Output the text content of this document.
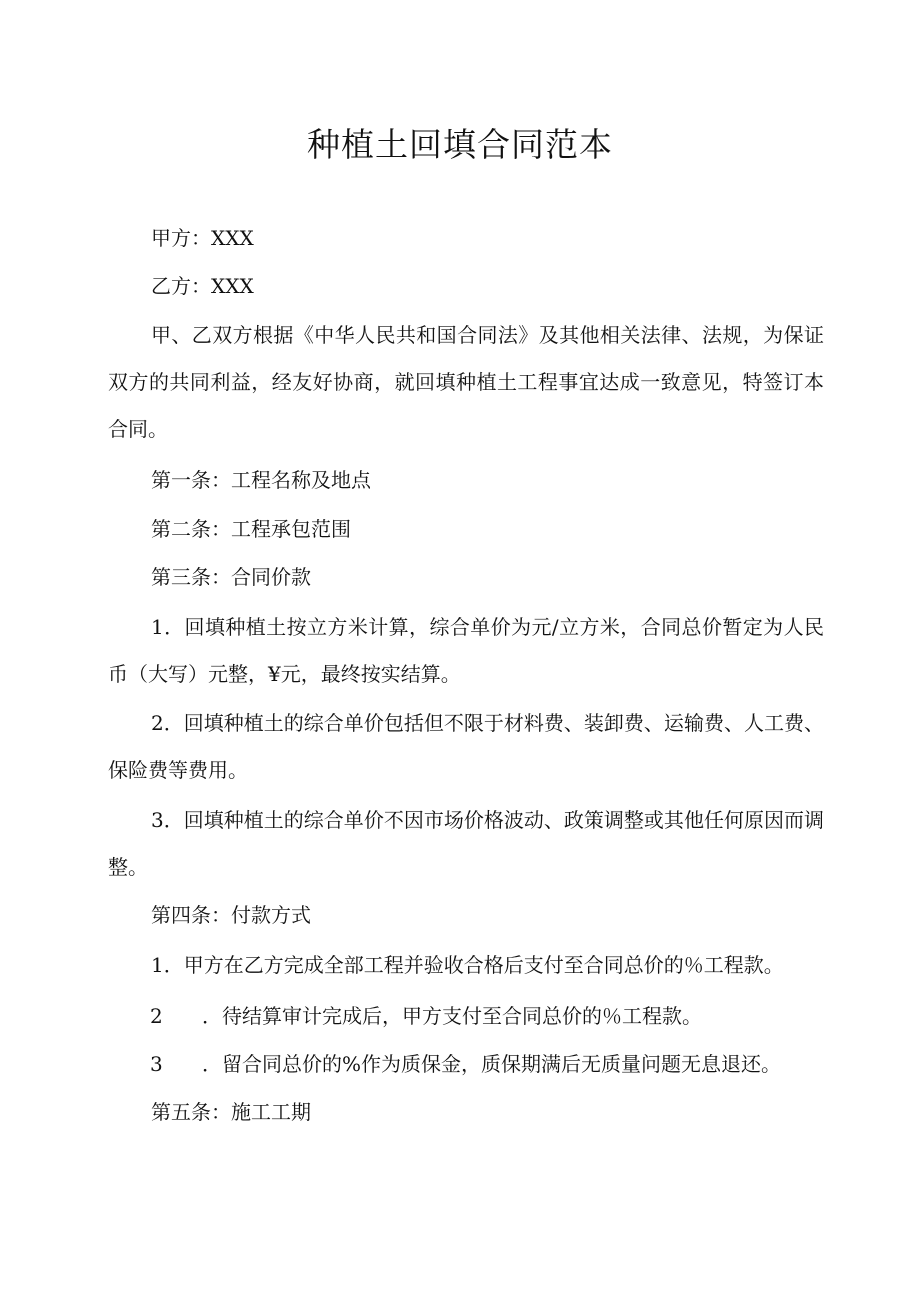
种植土回填合同范本

甲方：XXX

乙方：XXX

甲、乙双方根据《中华人民共和国合同法》及其他相关法律、法规，为保证双方的共同利益，经友好协商，就回填种植土工程事宜达成一致意见，特签订本合同。

第一条：工程名称及地点

第二条：工程承包范围

第三条：合同价款

1．回填种植土按立方米计算，综合单价为元/立方米，合同总价暂定为人民币（大写）元整，¥元，最终按实结算。

2．回填种植土的综合单价包括但不限于材料费、装卸费、运输费、人工费、保险费等费用。

3．回填种植土的综合单价不因市场价格波动、政策调整或其他任何原因而调整。

第四条：付款方式

1．甲方在乙方完成全部工程并验收合格后支付至合同总价的％工程款。

2 ．待结算审计完成后，甲方支付至合同总价的％工程款。
3 ．留合同总价的%作为质保金，质保期满后无质量问题无息退还。

第五条：施工工期
